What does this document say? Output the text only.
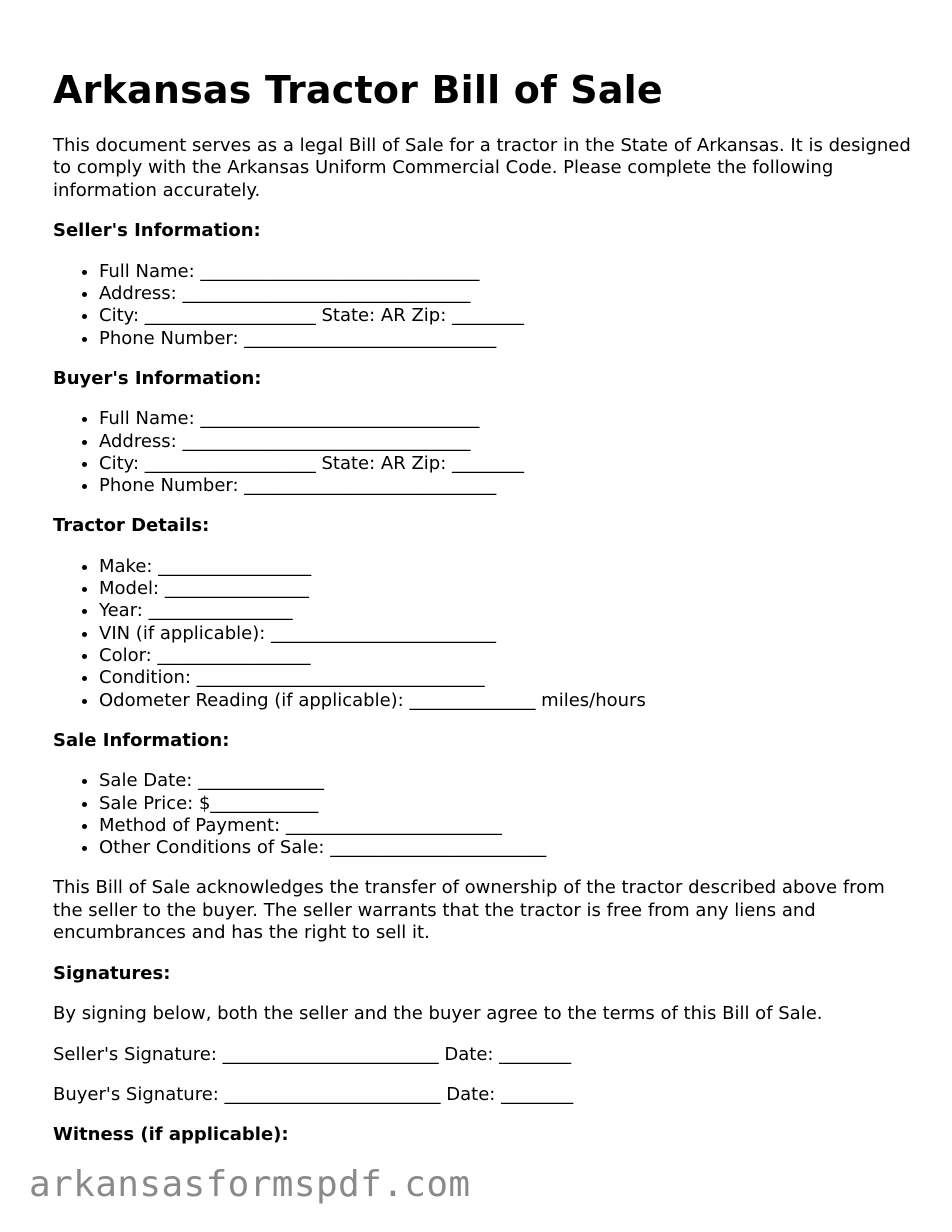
Arkansas Tractor Bill of Sale

This document serves as a legal Bill of Sale for a tractor in the State of Arkansas. It is designed to comply with the Arkansas Uniform Commercial Code. Please complete the following information accurately.

Seller's Information:
• Full Name: _______________________________
• Address: ________________________________
• City: ___________________ State: AR Zip: ________
• Phone Number: ____________________________
Buyer's Information:
• Full Name: _______________________________
• Address: ________________________________
• City: ___________________ State: AR Zip: ________
• Phone Number: ____________________________
Tractor Details:
• Make: _________________
• Model: ________________
• Year: ________________
• VIN (if applicable): _________________________
• Color: _________________
• Condition: ________________________________
• Odometer Reading (if applicable): ______________ miles/hours
Sale Information:
• Sale Date: ______________
• Sale Price: $____________
• Method of Payment: ________________________
• Other Conditions of Sale: ________________________

This Bill of Sale acknowledges the transfer of ownership of the tractor described above from the seller to the buyer. The seller warrants that the tractor is free from any liens and encumbrances and has the right to sell it.

Signatures:

By signing below, both the seller and the buyer agree to the terms of this Bill of Sale.

Seller's Signature: ________________________ Date: ________

Buyer's Signature: ________________________ Date: ________

Witness (if applicable):
arkansasformspdf.com
